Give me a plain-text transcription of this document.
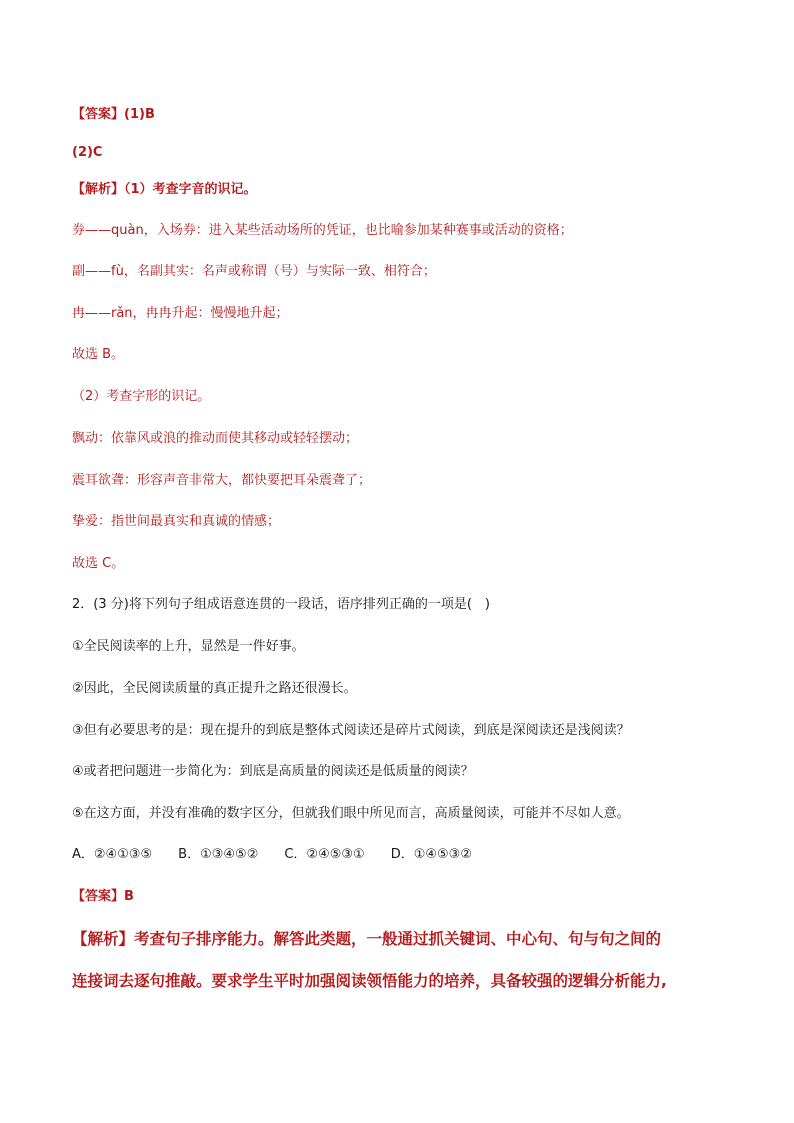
【答案】(1)B
(2)C
【解析】（1）考查字音的识记。
券——quàn，入场券：进入某些活动场所的凭证，也比喻参加某种赛事或活动的资格；
副——fù，名副其实：名声或称谓（号）与实际一致、相符合；
冉——rǎn，冉冉升起：慢慢地升起；
故选 B。
（2）考查字形的识记。
飘动：依靠风或浪的推动而使其移动或轻轻摆动；
震耳欲聋：形容声音非常大，都快要把耳朵震聋了；
挚爱：指世间最真实和真诚的情感；
故选 C。
2．(3 分)将下列句子组成语意连贯的一段话，语序排列正确的一项是(　)
①全民阅读率的上升，显然是一件好事。
②因此，全民阅读质量的真正提升之路还很漫长。
③但有必要思考的是：现在提升的到底是整体式阅读还是碎片式阅读，到底是深阅读还是浅阅读？
④或者把问题进一步简化为：到底是高质量的阅读还是低质量的阅读？
⑤在这方面，并没有准确的数字区分，但就我们眼中所见而言，高质量阅读，可能并不尽如人意。
A．②④①③⑤　　B．①③④⑤②　　C．②④⑤③①　　D．①④⑤③②
【答案】B
【解析】考查句子排序能力。解答此类题，一般通过抓关键词、中心句、句与句之间的
连接词去逐句推敲。要求学生平时加强阅读领悟能力的培养，具备较强的逻辑分析能力,
